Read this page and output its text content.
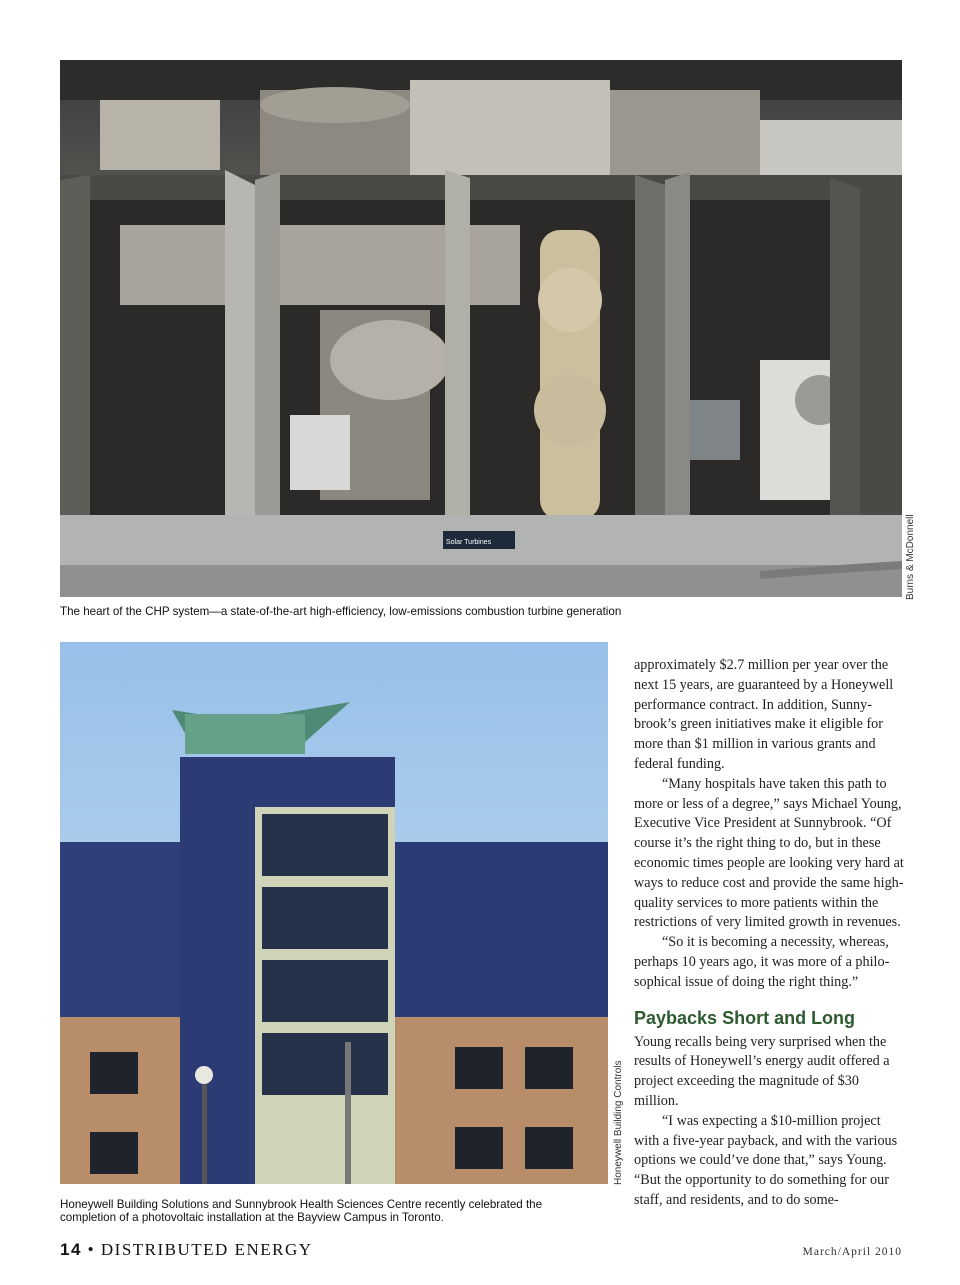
Solar Turbines	Burns & McDonnell
The heart of the CHP system—a state-of-the-art high-efficiency, low-emissions combustion turbine generation
Honeywell Building Controls
Honeywell Building Solutions and Sunnybrook Health Sciences Centre recently celebrated the
completion of a photovoltaic installation at the Bayview Campus in Toronto.

approximately $2.7 million per year over the next 15 years, are guaranteed by a Honeywell performance contract. In addition, Sunnybrook’s green initiatives make it eligible for more than $1 million in various grants and federal funding.

“Many hospitals have taken this path to more or less of a degree,” says Michael Young, Executive Vice President at Sunnybrook. “Of course it’s the right thing to do, but in these economic times people are looking very hard at ways to reduce cost and provide the same high-quality services to more patients within the restrictions of very limited growth in revenues.

“So it is becoming a necessity, whereas, perhaps 10 years ago, it was more of a philosophical issue of doing the right thing.”

Paybacks Short and Long

Young recalls being very surprised when the results of Honeywell’s energy audit offered a project exceeding the magnitude of $30 million.

“I was expecting a $10-million project with a five-year payback, and with the various options we could’ve done that,” says Young. “But the opportunity to do something for our staff, and residents, and to do some-

14 • DISTRIBUTED ENERGY	March/April 2010
